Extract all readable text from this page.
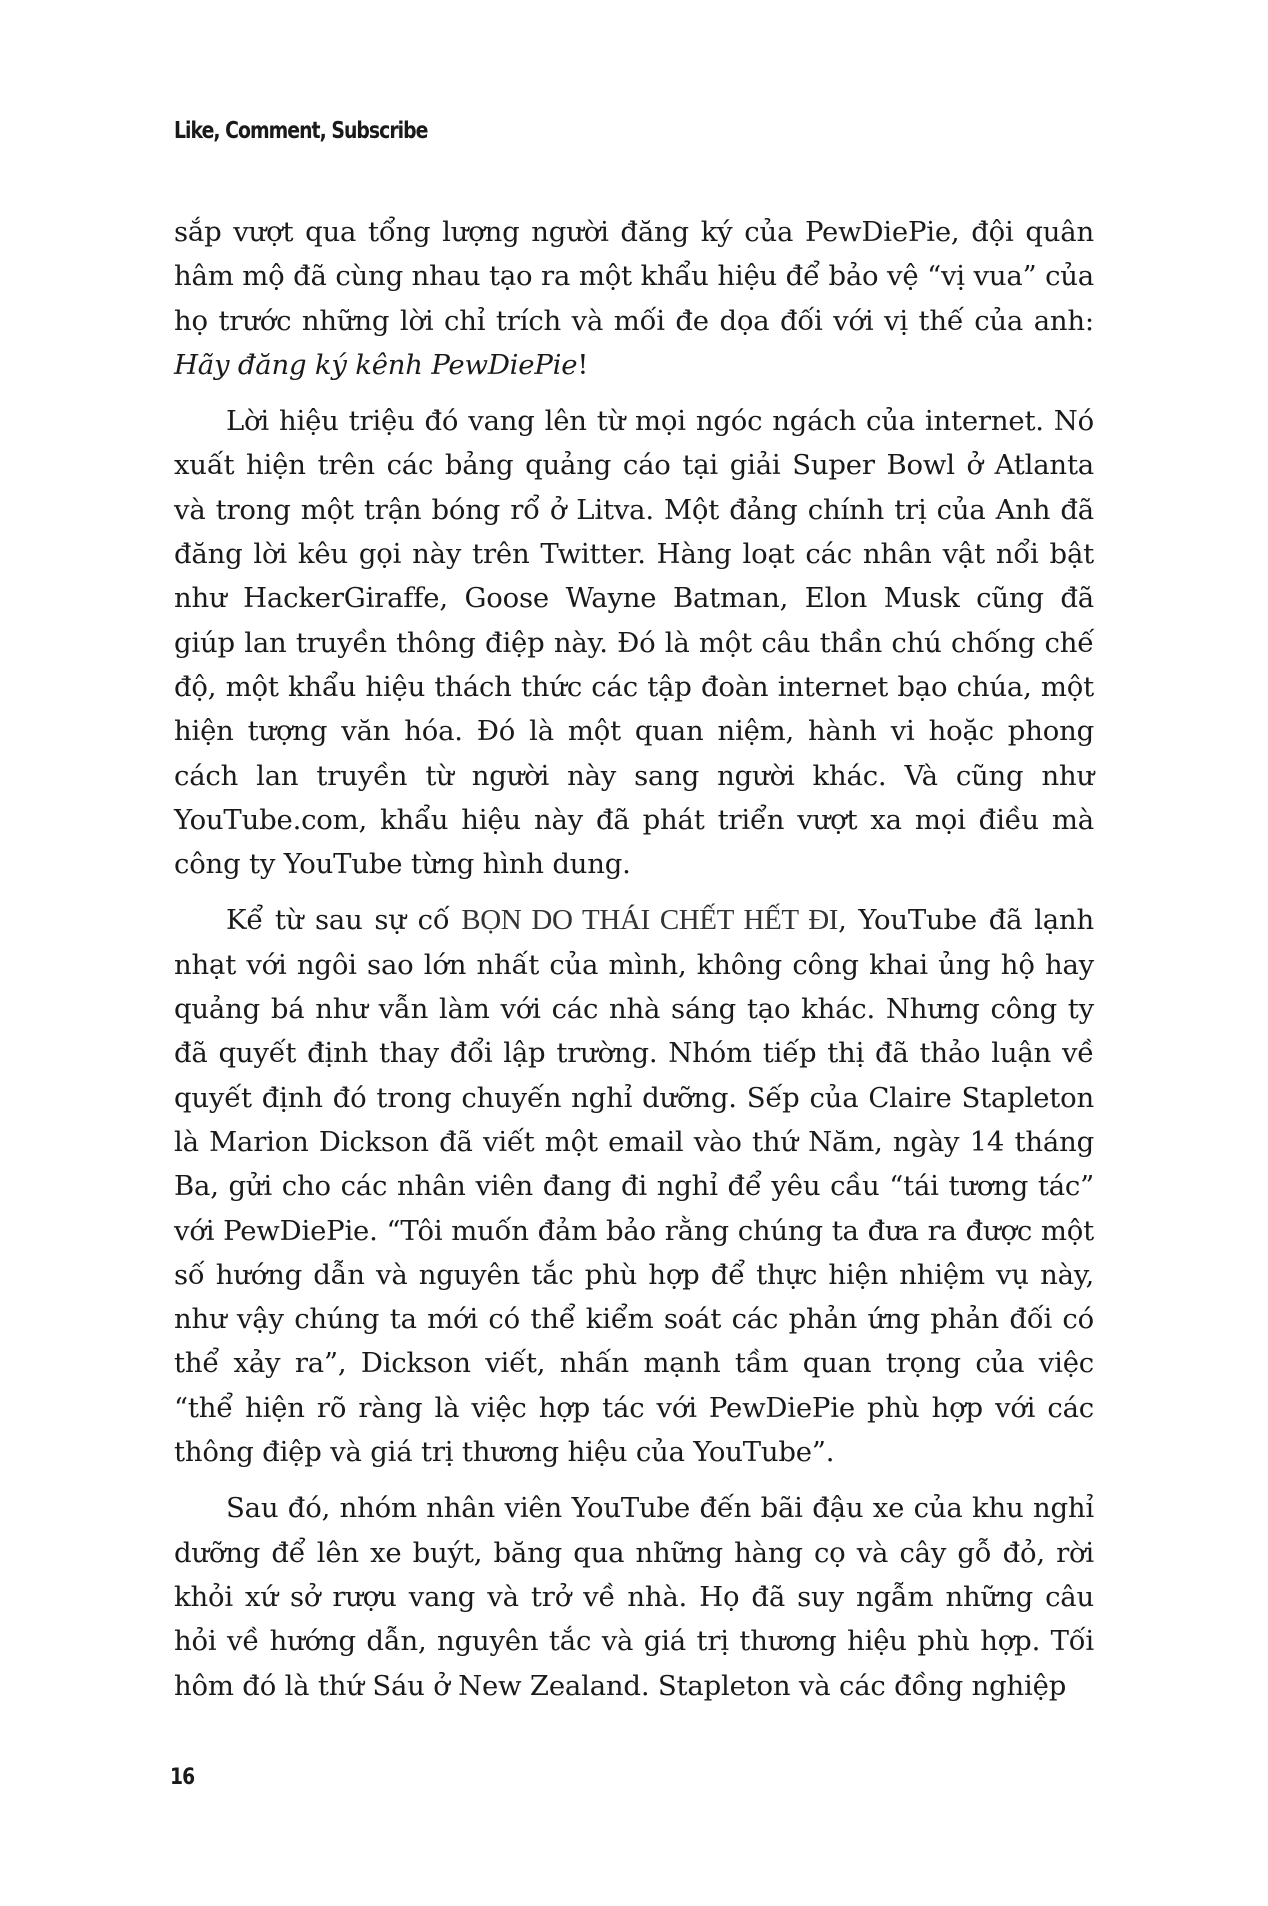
Like, Comment, Subscribe

sắp vượt qua tổng lượng người đăng ký của PewDiePie, đội quân hâm mộ đã cùng nhau tạo ra một khẩu hiệu để bảo vệ “vị vua” của họ trước những lời chỉ trích và mối đe dọa đối với vị thế của anh: Hãy đăng ký kênh PewDiePie!

Lời hiệu triệu đó vang lên từ mọi ngóc ngách của internet. Nó xuất hiện trên các bảng quảng cáo tại giải Super Bowl ở Atlanta và trong một trận bóng rổ ở Litva. Một đảng chính trị của Anh đã đăng lời kêu gọi này trên Twitter. Hàng loạt các nhân vật nổi bật như HackerGiraffe, Goose Wayne Batman, Elon Musk cũng đã giúp lan truyền thông điệp này. Đó là một câu thần chú chống chế độ, một khẩu hiệu thách thức các tập đoàn internet bạo chúa, một hiện tượng văn hóa. Đó là một quan niệm, hành vi hoặc phong cách lan truyền từ người này sang người khác. Và cũng như YouTube.com, khẩu hiệu này đã phát triển vượt xa mọi điều mà công ty YouTube từng hình dung.

Kể từ sau sự cố BỌN DO THÁI CHẾT HẾT ĐI, YouTube đã lạnh nhạt với ngôi sao lớn nhất của mình, không công khai ủng hộ hay quảng bá như vẫn làm với các nhà sáng tạo khác. Nhưng công ty đã quyết định thay đổi lập trường. Nhóm tiếp thị đã thảo luận về quyết định đó trong chuyến nghỉ dưỡng. Sếp của Claire Stapleton là Marion Dickson đã viết một email vào thứ Năm, ngày 14 tháng Ba, gửi cho các nhân viên đang đi nghỉ để yêu cầu “tái tương tác” với PewDiePie. “Tôi muốn đảm bảo rằng chúng ta đưa ra được một số hướng dẫn và nguyên tắc phù hợp để thực hiện nhiệm vụ này, như vậy chúng ta mới có thể kiểm soát các phản ứng phản đối có thể xảy ra”, Dickson viết, nhấn mạnh tầm quan trọng của việc “thể hiện rõ ràng là việc hợp tác với PewDiePie phù hợp với các thông điệp và giá trị thương hiệu của YouTube”.

Sau đó, nhóm nhân viên YouTube đến bãi đậu xe của khu nghỉ dưỡng để lên xe buýt, băng qua những hàng cọ và cây gỗ đỏ, rời khỏi xứ sở rượu vang và trở về nhà. Họ đã suy ngẫm những câu hỏi về hướng dẫn, nguyên tắc và giá trị thương hiệu phù hợp. Tối hôm đó là thứ Sáu ở New Zealand. Stapleton và các đồng nghiệp

16
